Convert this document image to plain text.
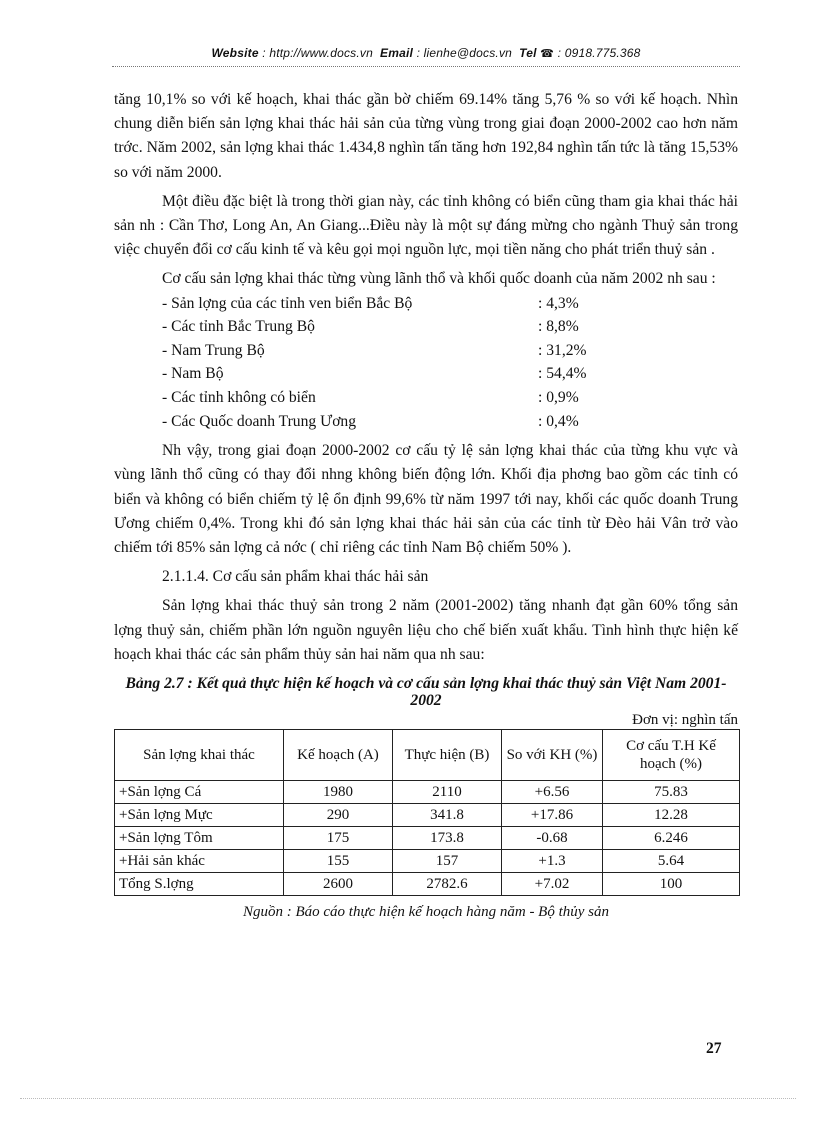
Website : http://www.docs.vn Email : lienhe@docs.vn Tel ☎ : 0918.775.368

tăng 10,1% so với kế hoạch, khai thác gần bờ chiếm 69.14% tăng 5,76 % so với kế hoạch. Nhìn chung diễn biến sản lợng khai thác hải sản của từng vùng trong giai đoạn 2000-2002 cao hơn năm trớc. Năm 2002, sản lợng khai thác 1.434,8 nghìn tấn tăng hơn 192,84 nghìn tấn tức là tăng 15,53% so với năm 2000.

Một điều đặc biệt là trong thời gian này, các tỉnh không có biển cũng tham gia khai thác hải sản nh : Cần Thơ, Long An, An Giang...Điều này là một sự đáng mừng cho ngành Thuỷ sản trong việc chuyển đổi cơ cấu kinh tế và kêu gọi mọi nguồn lực, mọi tiền năng cho phát triển thuỷ sản .

Cơ cấu sản lợng khai thác từng vùng lãnh thổ và khối quốc doanh của năm 2002 nh sau :

- Sản lợng của các tỉnh ven biển Bắc Bộ	: 4,3%
- Các tỉnh Bắc Trung Bộ	: 8,8%
- Nam Trung Bộ	: 31,2%
- Nam Bộ	: 54,4%
- Các tỉnh không có biển	: 0,9%
- Các Quốc doanh Trung Ương	: 0,4%

Nh vậy, trong giai đoạn 2000-2002 cơ cấu tỷ lệ sản lợng khai thác của từng khu vực và vùng lãnh thổ cũng có thay đổi nhng không biến động lớn. Khối địa phơng bao gồm các tỉnh có biển và không có biển chiếm tỷ lệ ổn định 99,6% từ năm 1997 tới nay, khối các quốc doanh Trung Ương chiếm 0,4%. Trong khi đó sản lợng khai thác hải sản của các tỉnh từ Đèo hải Vân trở vào chiếm tới 85% sản lợng cả nớc ( chỉ riêng các tỉnh Nam Bộ chiếm 50% ).

2.1.1.4. Cơ cấu sản phẩm khai thác hải sản

Sản lợng khai thác thuỷ sản trong 2 năm (2001-2002) tăng nhanh đạt gần 60% tổng sản lợng thuỷ sản, chiếm phần lớn nguồn nguyên liệu cho chế biến xuất khẩu. Tình hình thực hiện kế hoạch khai thác các sản phẩm thủy sản hai năm qua nh sau:

Bảng 2.7 : Kết quả thực hiện kế hoạch và cơ cấu sản lợng khai thác thuỷ sản Việt Nam 2001-2002
Đơn vị: nghìn tấn
Sản lợng khai thác	Kế hoạch (A)	Thực hiện (B)	So với KH (%)	Cơ cấu T.H Kế hoạch (%)
+Sản lợng Cá	1980	2110	+6.56	75.83
+Sản lợng Mực	290	341.8	+17.86	12.28
+Sản lợng Tôm	175	173.8	-0.68	6.246
+Hải sản khác	155	157	+1.3	5.64
Tổng S.lợng	2600	2782.6	+7.02	100
Nguồn : Báo cáo thực hiện kế hoạch hàng năm - Bộ thủy sản
27
